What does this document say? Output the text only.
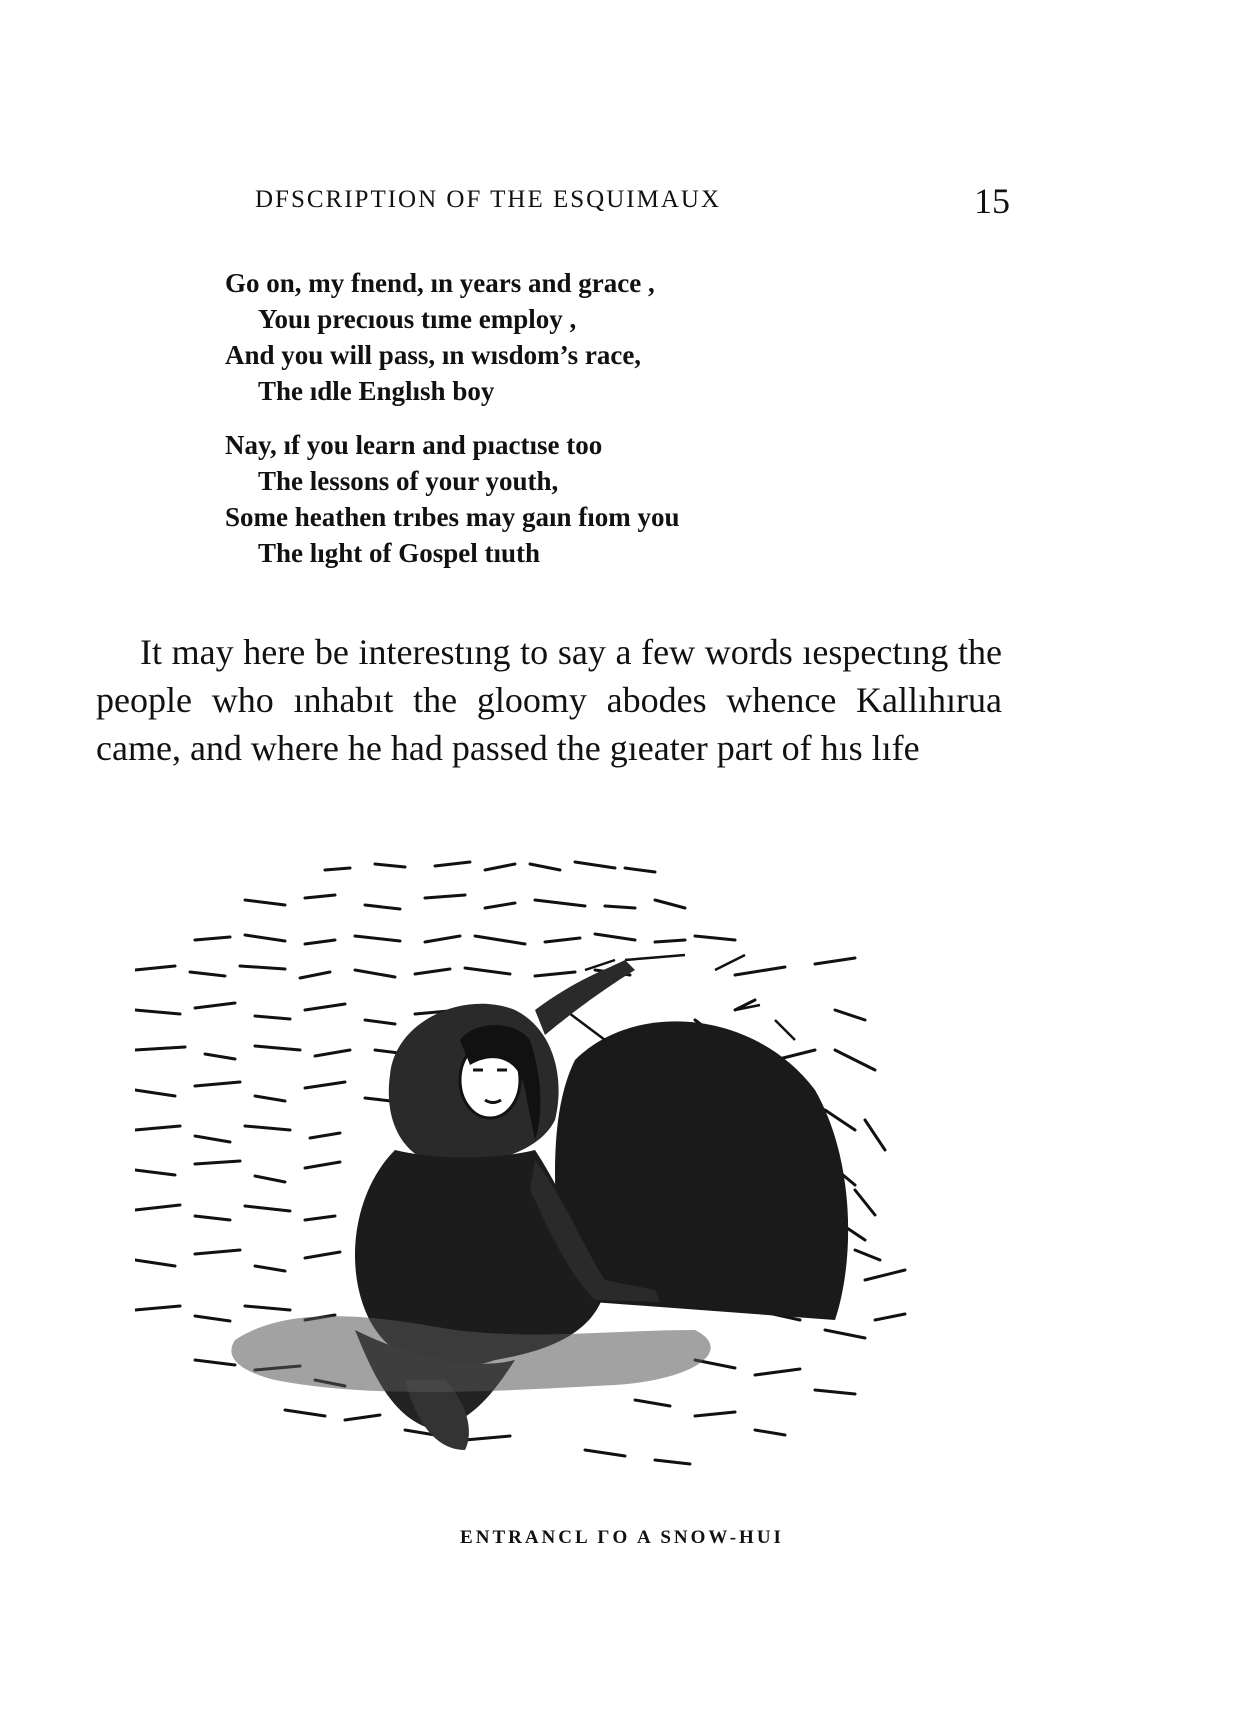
DFSCRIPTION OF THE ESQUIMAUX	15
Go on, my fnend, ın years and grace ,
Youı precıous tıme employ ,
And you will pass, ın wısdom’s race,
The ıdle Englısh boy
Nay, ıf you learn and pıactıse too
The lessons of your youth,
Some heathen trıbes may gaın fıom you
The lıght of Gospel tıuth
It may here be interestıng to say a few words ıespectıng the people who ınhabıt the gloomy abodes whence Kallıhırua came, and where he had passed the gıeater part of hıs lıfe
ENTRANCL ΓO A SNOW-HUI
